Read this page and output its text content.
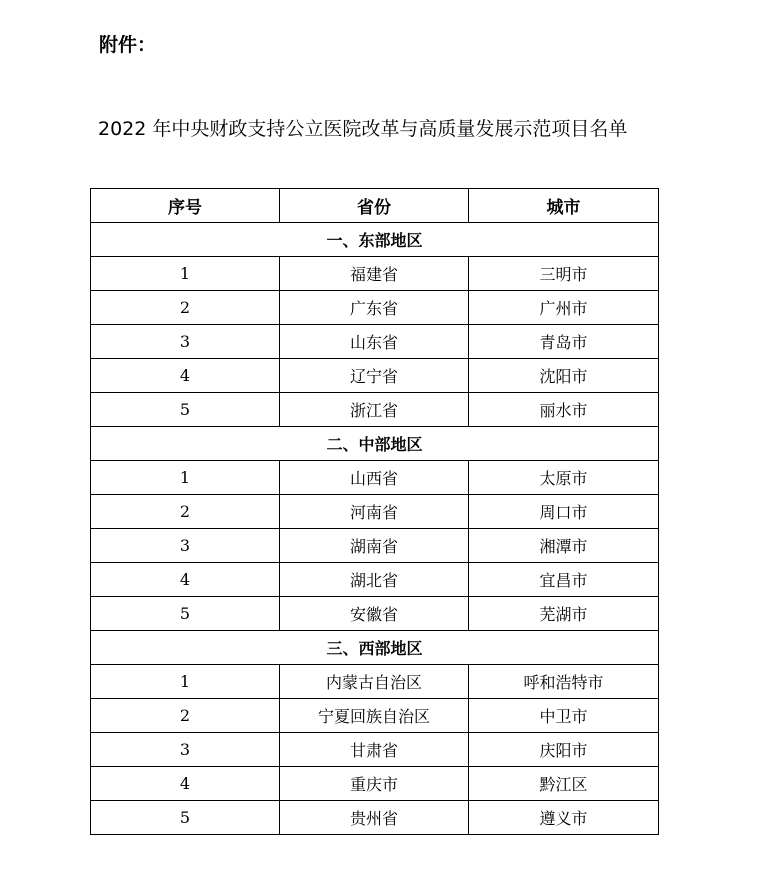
附件：
2022 年中央财政支持公立医院改革与高质量发展示范项目名单
序号	省份	城市
一、东部地区		
1	福建省	三明市
2	广东省	广州市
3	山东省	青岛市
4	辽宁省	沈阳市
5	浙江省	丽水市
二、中部地区		
1	山西省	太原市
2	河南省	周口市
3	湖南省	湘潭市
4	湖北省	宜昌市
5	安徽省	芜湖市
三、西部地区		
1	内蒙古自治区	呼和浩特市
2	宁夏回族自治区	中卫市
3	甘肃省	庆阳市
4	重庆市	黔江区
5	贵州省	遵义市
